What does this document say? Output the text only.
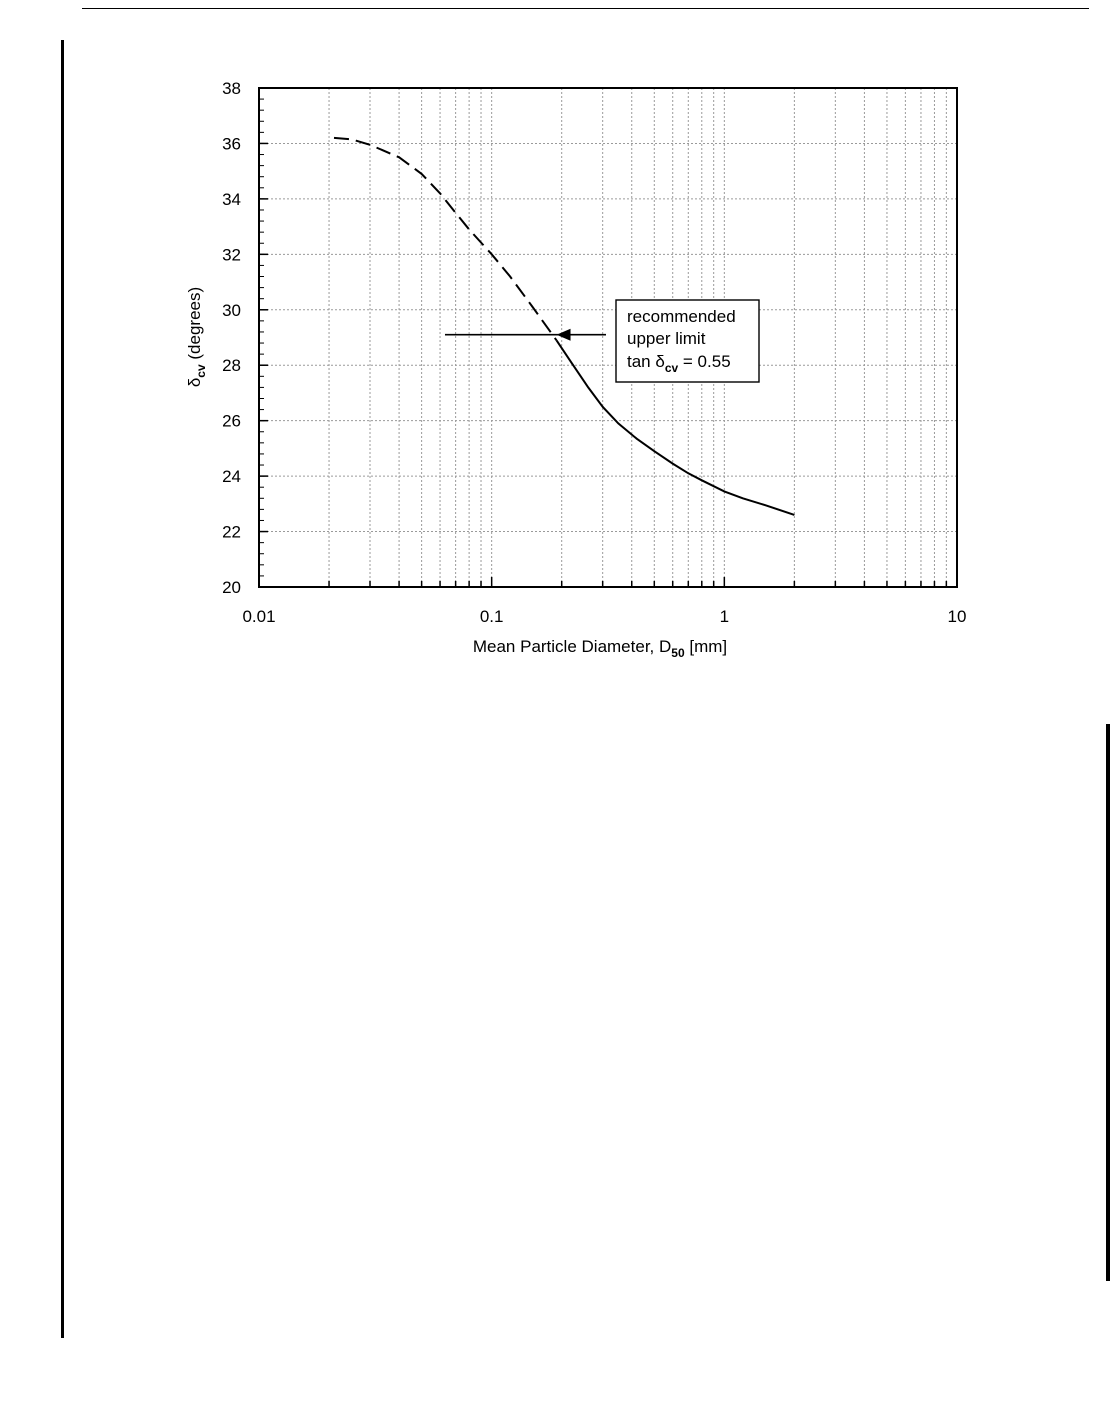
0.01	0.1	1	10
20
22
24
26
28
30
32
34
36
38
recommended
upper limit
$\tan \delta_{cv} = 0.55$
Mean Particle Diameter, $D_{50}$ [mm]
$\delta_{cv}$ (degrees)
